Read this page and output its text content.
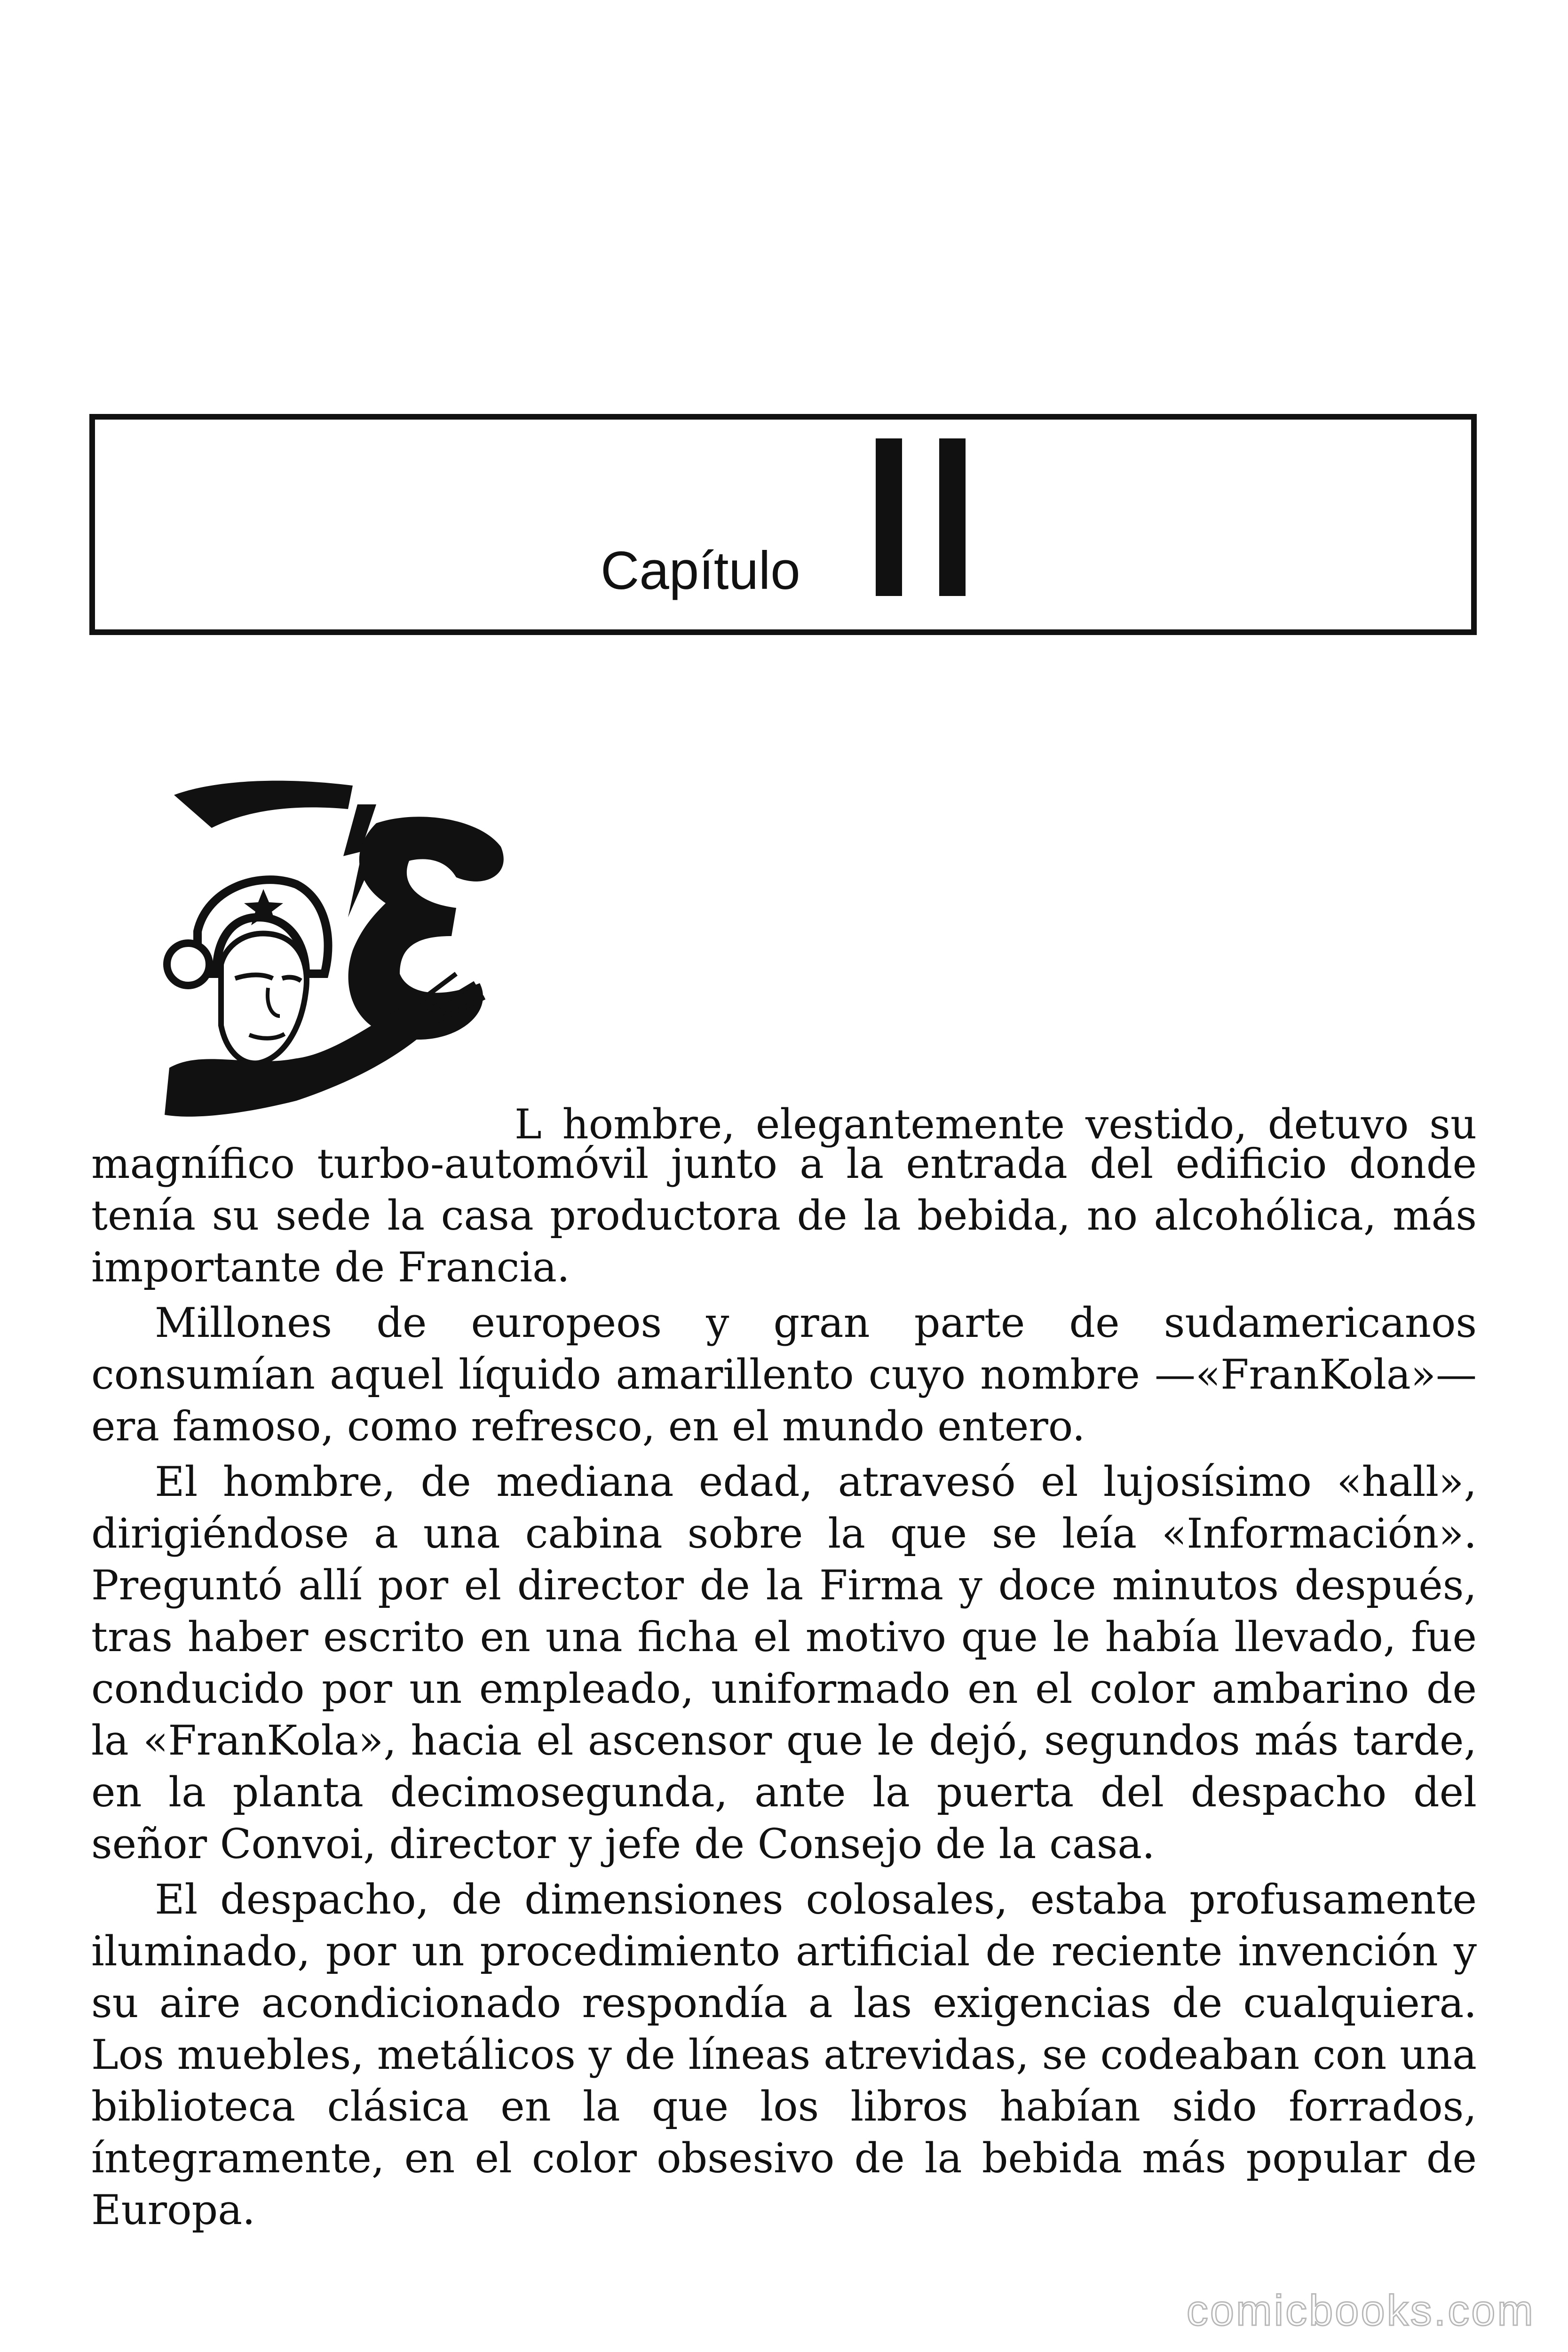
Capítulo

L hombre, elegantemente vestido, detuvo su
magnífico turbo-automóvil junto a la entrada del edificio donde tenía su sede la casa productora de la bebida, no alcohólica, más importante de Francia.

Millones de europeos y gran parte de sudamericanos consumían aquel líquido amarillento cuyo nombre —«FranKola»— era famoso, como refresco, en el mundo entero.

El hombre, de mediana edad, atravesó el lujosísimo «hall», dirigiéndose a una cabina sobre la que se leía «Información». Preguntó allí por el director de la Firma y doce minutos después, tras haber escrito en una ficha el motivo que le había llevado, fue conducido por un empleado, uniformado en el color ambarino de la «FranKola», hacia el ascensor que le dejó, segundos más tarde, en la planta decimosegunda, ante la puerta del despacho del señor Convoi, director y jefe de Consejo de la casa.

El despacho, de dimensiones colosales, estaba profusamente iluminado, por un procedimiento artificial de reciente invención y su aire acondicionado respondía a las exigencias de cualquiera. Los muebles, metálicos y de líneas atrevidas, se codeaban con una biblioteca clásica en la que los libros habían sido forrados, íntegramente, en el color obsesivo de la bebida más popular de Europa.

comicbooks.com
